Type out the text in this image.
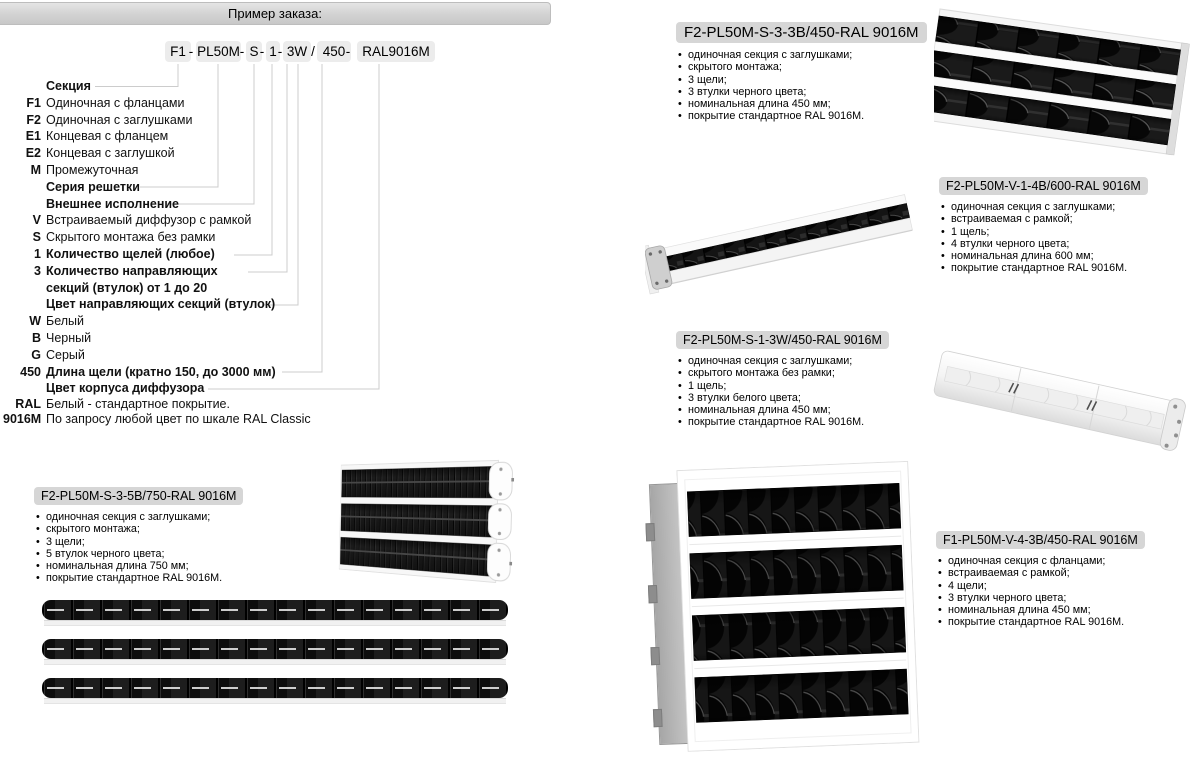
Пример заказа:
F1 - PL50M - S - 1 - 3W / 450 - RAL9016M
Секция
F1 Одиночная с фланцами
F2 Одиночная с заглушками
E1 Концевая с фланцем
E2 Концевая с заглушкой
M Промежуточная
Серия решетки
Внешнее исполнение
V Встраиваемый диффузор с рамкой
S Скрытого монтажа без рамки
1 Количество щелей (любое)
3 Количество направляющих секций (втулок) от 1 до 20
Цвет направляющих секций (втулок)
W Белый
B Черный
G Серый
450 Длина щели (кратно 150, до 3000 мм)
Цвет корпуса диффузора
RAL Белый - стандартное покрытие.
9016M По запросу любой цвет по шкале RAL Classic
F2-PL50M-S-3-3B/450-RAL 9016M
• одиночная секция с заглушками;
• скрытого монтажа;
• 3 щели;
• 3 втулки черного цвета;
• номинальная длина 450 мм;
• покрытие стандартное RAL 9016M.
F2-PL50M-V-1-4B/600-RAL 9016M
• одиночная секция с заглушками;
• встраиваемая с рамкой;
• 1 щель;
• 4 втулки черного цвета;
• номинальная длина 600 мм;
• покрытие стандартное RAL 9016M.
F2-PL50M-S-1-3W/450-RAL 9016M
• одиночная секция с заглушками;
• скрытого монтажа без рамки;
• 1 щель;
• 3 втулки белого цвета;
• номинальная длина 450 мм;
• покрытие стандартное RAL 9016M.
F2-PL50M-S-3-5B/750-RAL 9016M
• одиночная секция с заглушками;
• скрытого монтажа;
• 3 щели;
• 5 втулок черного цвета;
• номинальная длина 750 мм;
• покрытие стандартное RAL 9016M.
F1-PL50M-V-4-3B/450-RAL 9016M
• одиночная секция с фланцами;
• встраиваемая с рамкой;
• 4 щели;
• 3 втулки черного цвета;
• номинальная длина 450 мм;
• покрытие стандартное RAL 9016M.
